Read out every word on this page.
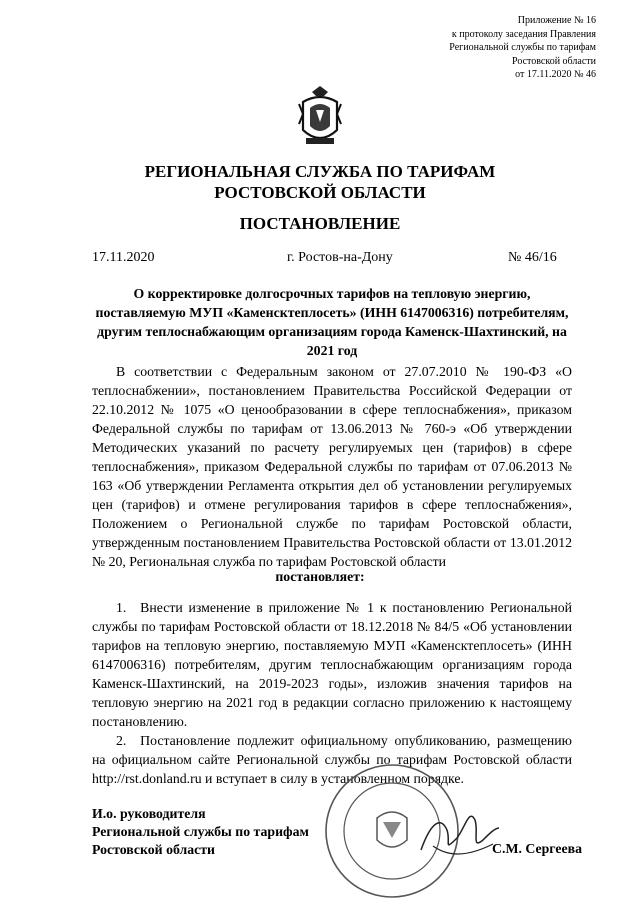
Приложение № 16
к протоколу заседания Правления
Региональной службы по тарифам
Ростовской области
от 17.11.2020 № 46
РЕГИОНАЛЬНАЯ СЛУЖБА ПО ТАРИФАМ
РОСТОВСКОЙ ОБЛАСТИ
ПОСТАНОВЛЕНИЕ
17.11.2020	г. Ростов-на-Дону	№ 46/16
О корректировке долгосрочных тарифов на тепловую энергию, поставляемую МУП «Каменсктеплосеть» (ИНН 6147006316) потребителям, другим теплоснабжающим организациям города Каменск-Шахтинский, на 2021 год
В соответствии с Федеральным законом от 27.07.2010 № 190-ФЗ «О теплоснабжении», постановлением Правительства Российской Федерации от 22.10.2012 № 1075 «О ценообразовании в сфере теплоснабжения», приказом Федеральной службы по тарифам от 13.06.2013 № 760-э «Об утверждении Методических указаний по расчету регулируемых цен (тарифов) в сфере теплоснабжения», приказом Федеральной службы по тарифам от 07.06.2013 № 163 «Об утверждении Регламента открытия дел об установлении регулируемых цен (тарифов) и отмене регулирования тарифов в сфере теплоснабжения», Положением о Региональной службе по тарифам Ростовской области, утвержденным постановлением Правительства Ростовской области от 13.01.2012 № 20, Региональная служба по тарифам Ростовской области
постановляет:

1. Внести изменение в приложение № 1 к постановлению Региональной службы по тарифам Ростовской области от 18.12.2018 № 84/5 «Об установлении тарифов на тепловую энергию, поставляемую МУП «Каменсктеплосеть» (ИНН 6147006316) потребителям, другим теплоснабжающим организациям города Каменск-Шахтинский, на 2019-2023 годы», изложив значения тарифов на тепловую энергию на 2021 год в редакции согласно приложению к настоящему постановлению.

2. Постановление подлежит официальному опубликованию, размещению на официальном сайте Региональной службы по тарифам Ростовской области http://rst.donland.ru и вступает в силу в установленном порядке.

И.о. руководителя
Региональной службы по тарифам
Ростовской области	С.М. Сергеева
